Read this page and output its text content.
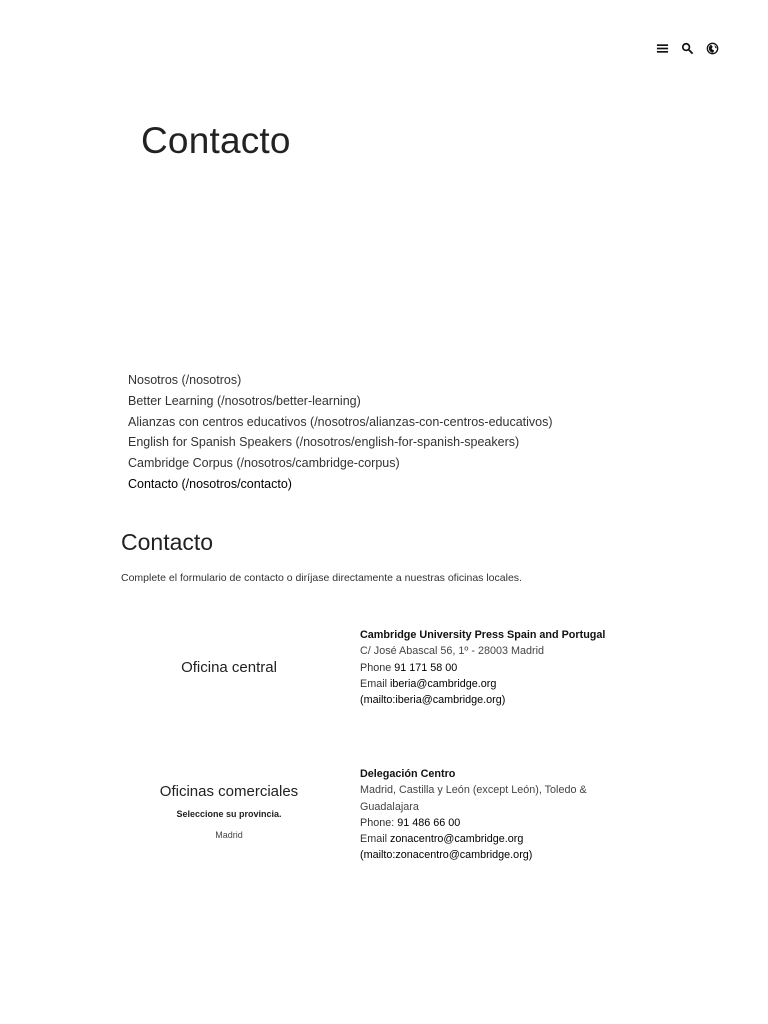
Contacto
Nosotros (/nosotros)
Better Learning (/nosotros/better-learning)
Alianzas con centros educativos (/nosotros/alianzas-con-centros-educativos)
English for Spanish Speakers (/nosotros/english-for-spanish-speakers)
Cambridge Corpus (/nosotros/cambridge-corpus)
Contacto (/nosotros/contacto)
Contacto

Complete el formulario de contacto o diríjase directamente a nuestras oficinas locales.

Oficina central
Cambridge University Press Spain and Portugal
C/ José Abascal 56, 1º - 28003 Madrid
Phone 91 171 58 00
Email iberia@cambridge.org
(mailto:iberia@cambridge.org)
Oficinas comerciales
Seleccione su provincia.
Madrid
Delegación Centro
Madrid, Castilla y León (except León), Toledo & Guadalajara
Phone: 91 486 66 00
Email zonacentro@cambridge.org
(mailto:zonacentro@cambridge.org)
